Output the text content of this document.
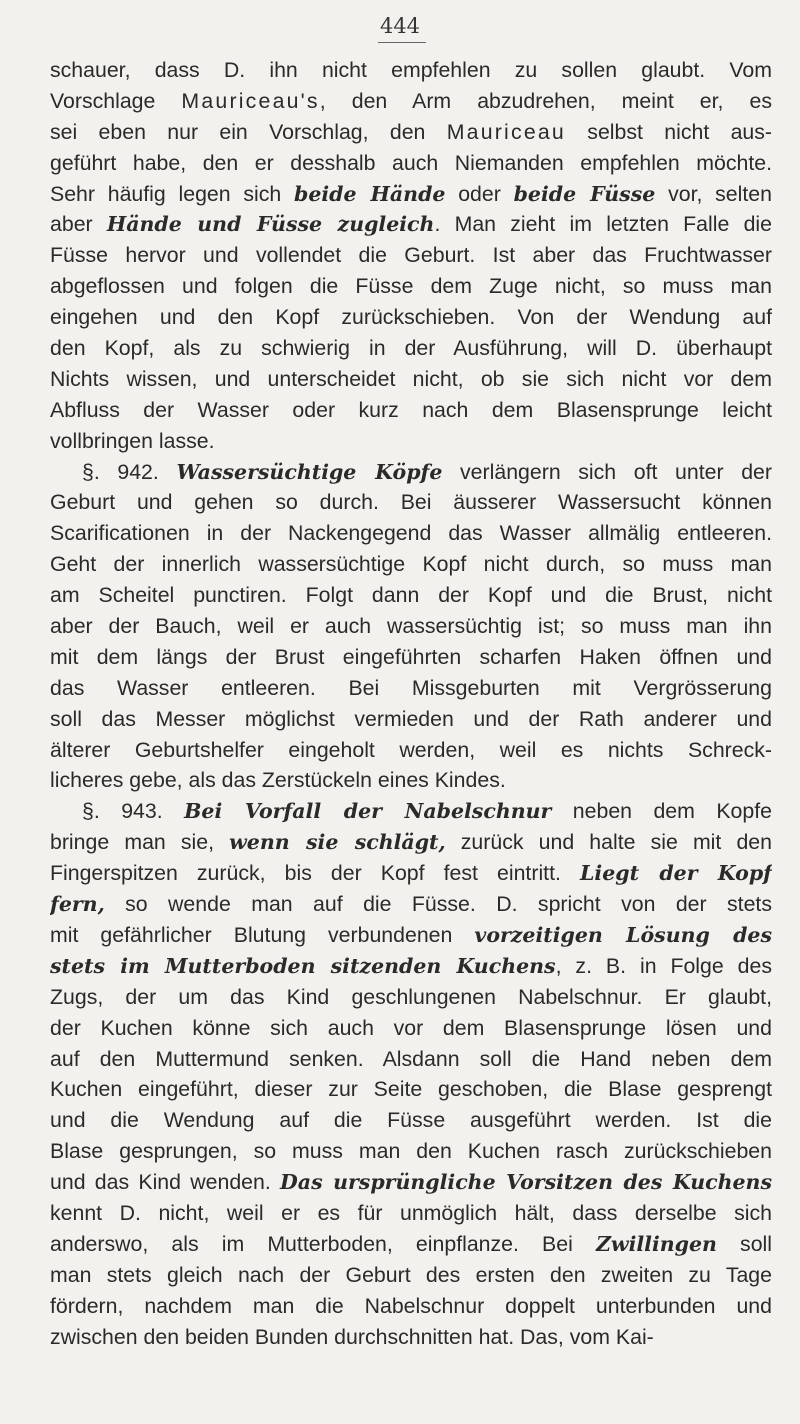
444
schauer, dass D. ihn nicht empfehlen zu sollen glaubt. Vom
Vorschlage Mauriceau's, den Arm abzudrehen, meint er, es
sei eben nur ein Vorschlag, den Mauriceau selbst nicht aus-
geführt habe, den er desshalb auch Niemanden empfehlen möchte.
Sehr häufig legen sich beide Hände oder beide Füsse vor, selten
aber Hände und Füsse zugleich. Man zieht im letzten Falle die
Füsse hervor und vollendet die Geburt. Ist aber das Fruchtwasser
abgeflossen und folgen die Füsse dem Zuge nicht, so muss man
eingehen und den Kopf zurückschieben. Von der Wendung auf
den Kopf, als zu schwierig in der Ausführung, will D. überhaupt
Nichts wissen, und unterscheidet nicht, ob sie sich nicht vor dem
Abfluss der Wasser oder kurz nach dem Blasensprunge leicht
vollbringen lasse.
§. 942. Wassersüchtige Köpfe verlängern sich oft unter der
Geburt und gehen so durch. Bei äusserer Wassersucht können
Scarificationen in der Nackengegend das Wasser allmälig entleeren.
Geht der innerlich wassersüchtige Kopf nicht durch, so muss man
am Scheitel punctiren. Folgt dann der Kopf und die Brust, nicht
aber der Bauch, weil er auch wassersüchtig ist; so muss man ihn
mit dem längs der Brust eingeführten scharfen Haken öffnen und
das Wasser entleeren. Bei Missgeburten mit Vergrösserung
soll das Messer möglichst vermieden und der Rath anderer und
älterer Geburtshelfer eingeholt werden, weil es nichts Schreck-
licheres gebe, als das Zerstückeln eines Kindes.
§. 943. Bei Vorfall der Nabelschnur neben dem Kopfe
bringe man sie, wenn sie schlägt, zurück und halte sie mit den
Fingerspitzen zurück, bis der Kopf fest eintritt. Liegt der Kopf
fern, so wende man auf die Füsse. D. spricht von der stets
mit gefährlicher Blutung verbundenen vorzeitigen Lösung des
stets im Mutterboden sitzenden Kuchens, z. B. in Folge des
Zugs, der um das Kind geschlungenen Nabelschnur. Er glaubt,
der Kuchen könne sich auch vor dem Blasensprunge lösen und
auf den Muttermund senken. Alsdann soll die Hand neben dem
Kuchen eingeführt, dieser zur Seite geschoben, die Blase gesprengt
und die Wendung auf die Füsse ausgeführt werden. Ist die
Blase gesprungen, so muss man den Kuchen rasch zurückschieben
und das Kind wenden. Das ursprüngliche Vorsitzen des Kuchens
kennt D. nicht, weil er es für unmöglich hält, dass derselbe sich
anderswo, als im Mutterboden, einpflanze. Bei Zwillingen soll
man stets gleich nach der Geburt des ersten den zweiten zu Tage
fördern, nachdem man die Nabelschnur doppelt unterbunden und
zwischen den beiden Bunden durchschnitten hat. Das, vom Kai-
